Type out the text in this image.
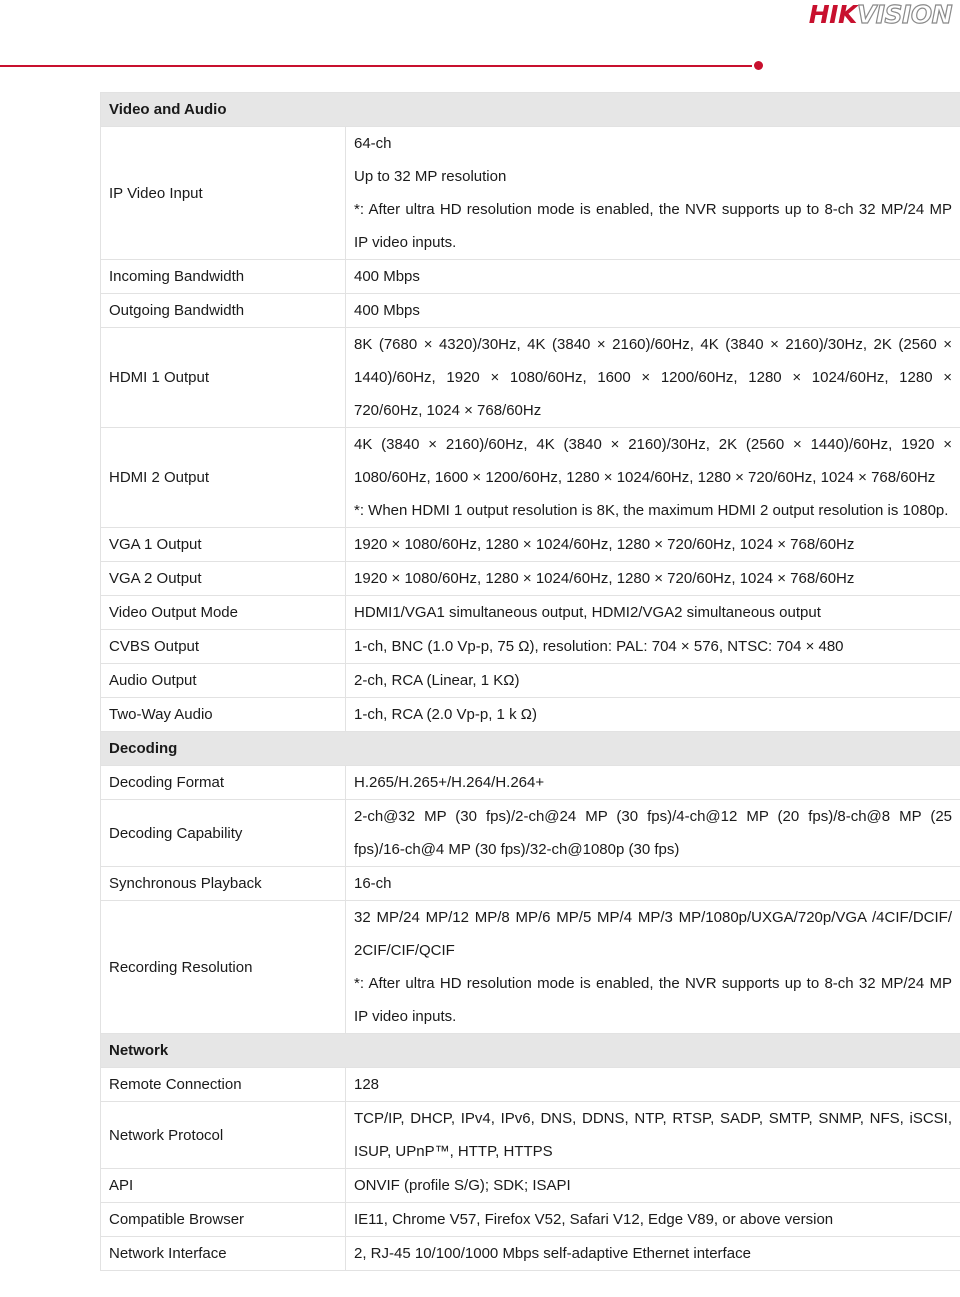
HIKVISION
Video and Audio	
IP Video Input	64-ch
Up to 32 MP resolution
*: After ultra HD resolution mode is enabled, the NVR supports up to 8-ch 32 MP/24 MP IP video inputs.

Incoming Bandwidth	400 Mbps

Outgoing Bandwidth	400 Mbps

HDMI 1 Output	8K (7680 × 4320)/30Hz, 4K (3840 × 2160)/60Hz, 4K (3840 × 2160)/30Hz, 2K (2560 × 1440)/60Hz, 1920 × 1080/60Hz, 1600 × 1200/60Hz, 1280 × 1024/60Hz, 1280 × 720/60Hz, 1024 × 768/60Hz

HDMI 2 Output	4K (3840 × 2160)/60Hz, 4K (3840 × 2160)/30Hz, 2K (2560 × 1440)/60Hz, 1920 × 1080/60Hz, 1600 × 1200/60Hz, 1280 × 1024/60Hz, 1280 × 720/60Hz, 1024 × 768/60Hz
*: When HDMI 1 output resolution is 8K, the maximum HDMI 2 output resolution is 1080p.

VGA 1 Output	1920 × 1080/60Hz, 1280 × 1024/60Hz, 1280 × 720/60Hz, 1024 × 768/60Hz

VGA 2 Output	1920 × 1080/60Hz, 1280 × 1024/60Hz, 1280 × 720/60Hz, 1024 × 768/60Hz

Video Output Mode	HDMI1/VGA1 simultaneous output, HDMI2/VGA2 simultaneous output

CVBS Output	1-ch, BNC (1.0 Vp-p, 75 Ω), resolution: PAL: 704 × 576, NTSC: 704 × 480

Audio Output	2-ch, RCA (Linear, 1 KΩ)

Two-Way Audio	1-ch, RCA (2.0 Vp-p, 1 k Ω)

Decoding	
Decoding Format	H.265/H.265+/H.264/H.264+

Decoding Capability	2-ch@32 MP (30 fps)/2-ch@24 MP (30 fps)/4-ch@12 MP (20 fps)/8-ch@8 MP (25 fps)/16-ch@4 MP (30 fps)/32-ch@1080p (30 fps)

Synchronous Playback	16-ch

Recording Resolution	32 MP/24 MP/12 MP/8 MP/6 MP/5 MP/4 MP/3 MP/1080p/UXGA/720p/VGA /4CIF/DCIF/ 2CIF/CIF/QCIF
*: After ultra HD resolution mode is enabled, the NVR supports up to 8-ch 32 MP/24 MP IP video inputs.

Network	
Remote Connection	128

Network Protocol	TCP/IP, DHCP, IPv4, IPv6, DNS, DDNS, NTP, RTSP, SADP, SMTP, SNMP, NFS, iSCSI, ISUP, UPnP™, HTTP, HTTPS

API	ONVIF (profile S/G); SDK; ISAPI

Compatible Browser	IE11, Chrome V57, Firefox V52, Safari V12, Edge V89, or above version

Network Interface	2, RJ-45 10/100/1000 Mbps self-adaptive Ethernet interface
